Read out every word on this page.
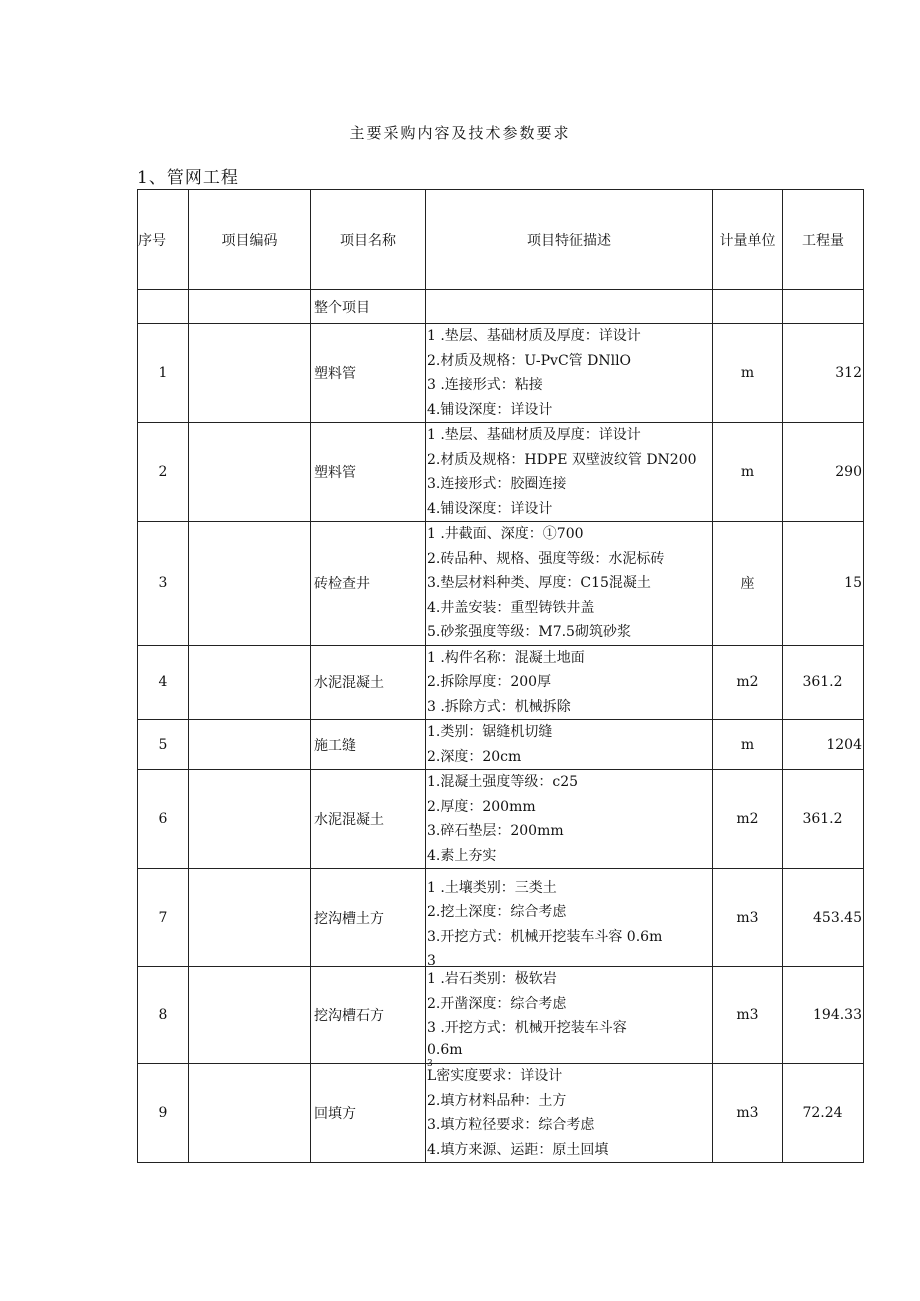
主要采购内容及技术参数要求
1、管网工程
序号	项目编码	项目名称	项目特征描述	计量单位	工程量
		整个项目			
1		塑料管	1 .垫层、基础材质及厚度：详设计
2.材质及规格：U-PvC管 DNllO
3 .连接形式：粘接
4.铺设深度：详设计	m	312
2		塑料管	1 .垫层、基础材质及厚度：详设计
2.材质及规格：HDPE 双壁波纹管 DN200
3.连接形式：胶圈连接
4.铺设深度：详设计	m	290
3		砖检查井	1 .井截面、深度：①700
2.砖品种、规格、强度等级：水泥标砖
3.垫层材料种类、厚度：C15混凝土
4.井盖安装：重型铸铁井盖
5.砂浆强度等级：M7.5砌筑砂浆	座	15
4		水泥混凝土	1 .构件名称：混凝土地面
2.拆除厚度：200厚
3 .拆除方式：机械拆除	m2	361.2
5		施工缝	1.类别：锯缝机切缝
2.深度：20cm	m	1204
6		水泥混凝土	1.混凝土强度等级：c25
2.厚度：200mm
3.碎石垫层：200mm
4.素上夯实	m2	361.2
7		挖沟槽土方	1 .土壤类别：三类土
2.挖土深度：综合考虑
3.开挖方式：机械开挖装车斗容 0.6m
3	m3	453.45
8		挖沟槽石方	1 .岩石类别：极软岩
2.开凿深度：综合考虑
3 .开挖方式：机械开挖装车斗容
0.6m
3	m3	194.33
9		回填方	L密实度要求：详设计
2.填方材料品种：土方
3.填方粒径要求：综合考虑
4.填方来源、运距：原土回填	m3	72.24
